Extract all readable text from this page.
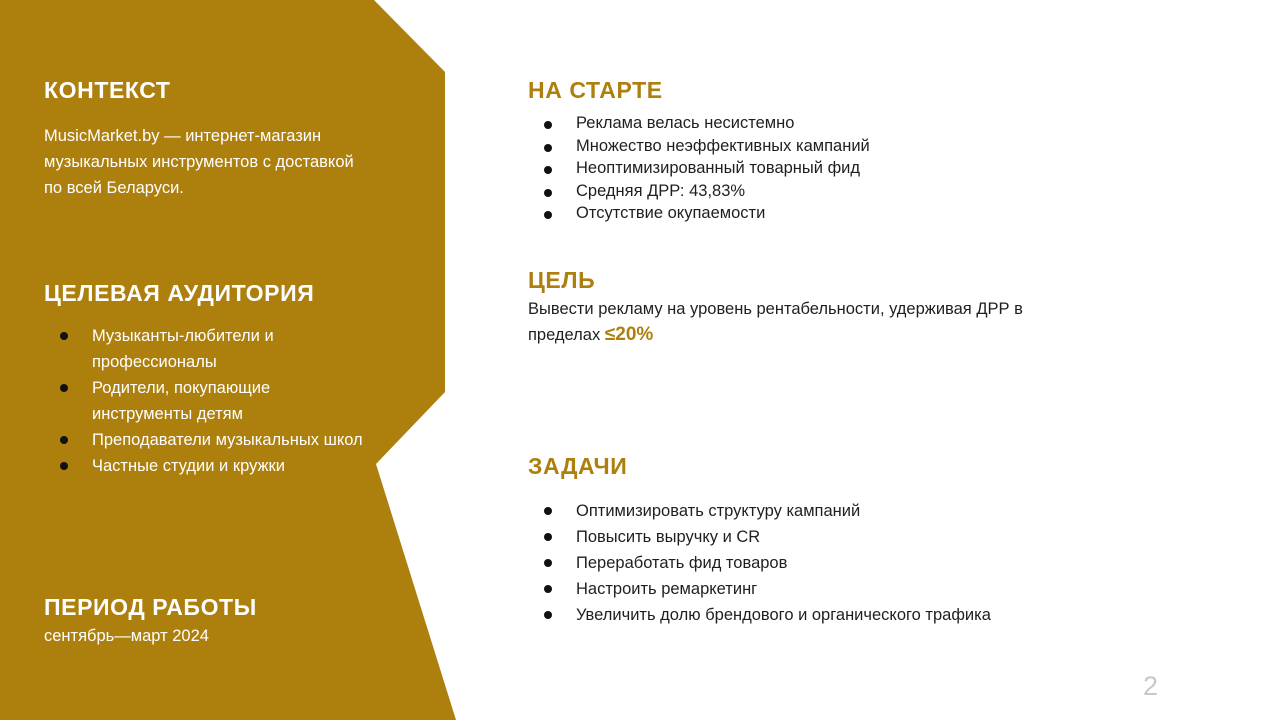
КОНТЕКСТ
MusicMarket.by — интернет-магазин музыкальных инструментов с доставкой по всей Беларуси.
ЦЕЛЕВАЯ АУДИТОРИЯ
Музыканты-любители и профессионалы
Родители, покупающие инструменты детям
Преподаватели музыкальных школ
Частные студии и кружки
ПЕРИОД РАБОТЫ
сентябрь—март 2024
НА СТАРТЕ
Реклама велась несистемно
Множество неэффективных кампаний
Неоптимизированный товарный фид
Средняя ДРР: 43,83%
Отсутствие окупаемости
ЦЕЛЬ
Вывести рекламу на уровень рентабельности, удерживая ДРР в пределах ≤20%
ЗАДАЧИ
Оптимизировать структуру кампаний
Повысить выручку и CR
Переработать фид товаров
Настроить ремаркетинг
Увеличить долю брендового и органического трафика
2
